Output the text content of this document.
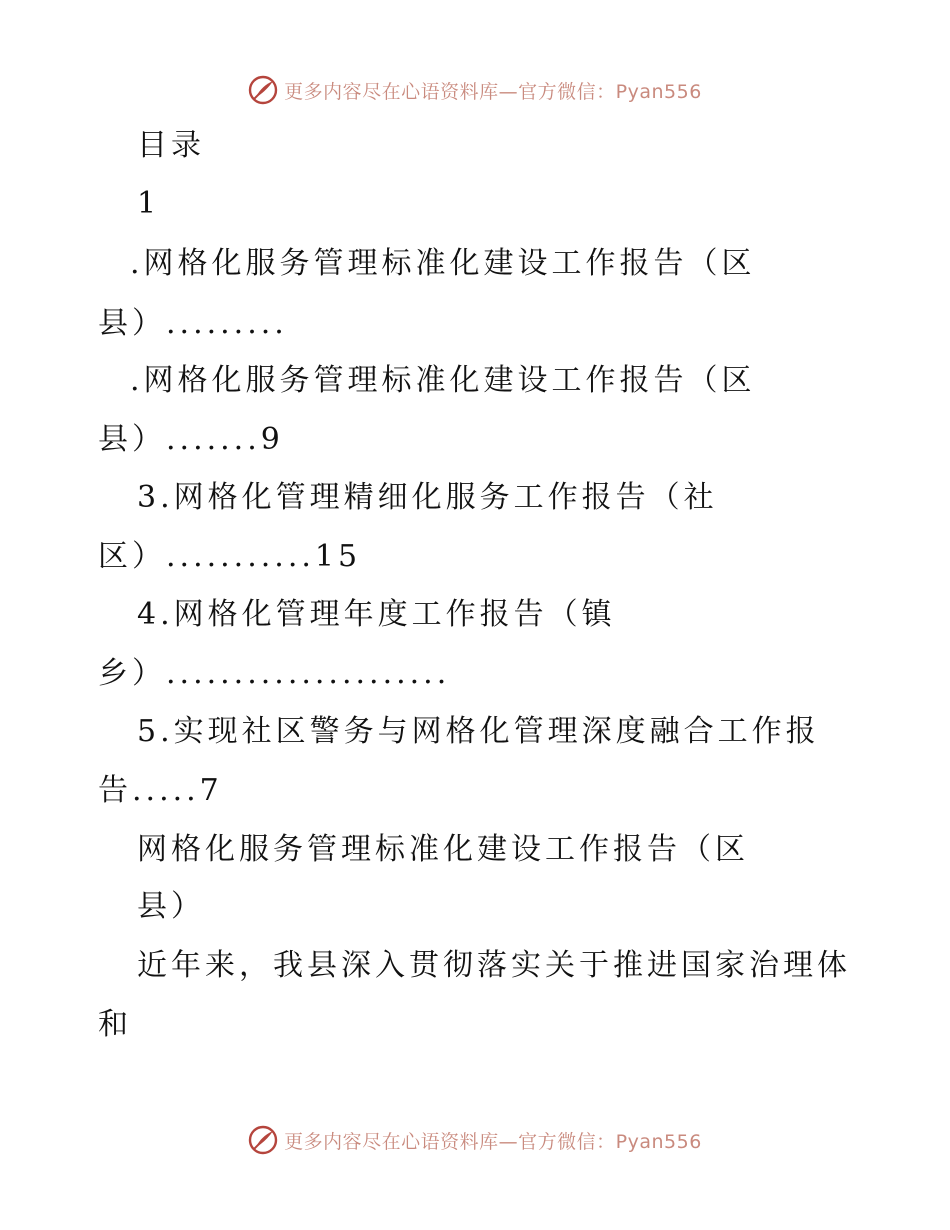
更多内容尽在心语资料库—官方微信：Pyan556
目录
1
.网格化服务管理标准化建设工作报告（区
县）.........
.网格化服务管理标准化建设工作报告（区
县）.......9
3.网格化管理精细化服务工作报告（社
区）...........15
4.网格化管理年度工作报告（镇
乡）.....................
5.实现社区警务与网格化管理深度融合工作报
告.....7
网格化服务管理标准化建设工作报告（区
县）
近年来，我县深入贯彻落实关于推进国家治理体
和
更多内容尽在心语资料库—官方微信：Pyan556
